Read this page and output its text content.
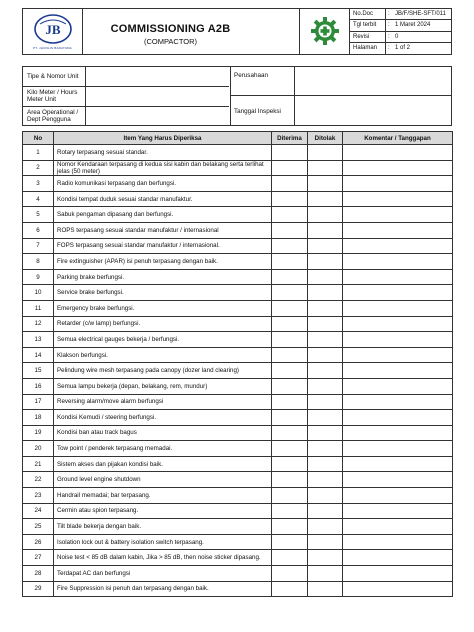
JB
PT. JHONLIN BARATAMA
COMMISSIONING A2B
(COMPACTOR)
No.Doc : JB/F/SHE-SFT/011
Tgl terbit : 1 Maret 2024
Revisi	: 0
Halaman : 1 of 2
Tipe & Nomor Unit
Kilo Meter / Hours
Meter Unit
Area Operational /
Dept Pengguna
Perusahaan
Tanggal Inspeksi
No	Item Yang Harus Diperiksa	Diterima	Ditolak	Komentar / Tanggapan
1	Rotary terpasang sesuai standar.			
2	Nomor Kendaraan terpasang di kedua sisi kabin dan belakang serta terlihat jelas (50 meter)			
3	Radio komunikasi terpasang dan berfungsi.			
4	Kondisi tempat duduk sesuai standar manufaktur.			
5	Sabuk pengaman dipasang dan berfungsi.			
6	ROPS terpasang sesuai standar manufaktur / internasional			
7	FOPS terpasang sesuai standar manufaktur / internasional.			
8	Fire extinguisher (APAR) isi penuh terpasang dengan baik.			
9	Parking brake berfungsi.			
10	Service brake berfungsi.			
11	Emergency brake berfungsi.			
12	Retarder (c/w lamp) berfungsi.			
13	Semua electrical gauges bekerja / berfungsi.			
14	Klakson berfungsi.			
15	Pelindung wire mesh terpasang pada canopy (dozer land clearing)			
16	Semua lampu bekerja (depan, belakang, rem, mundur)			
17	Reversing alarm/move alarm berfungsi			
18	Kondisi Kemudi / steering berfungsi.			
19	Kondisi ban atau track bagus			
20	Tow point / penderek terpasang memadai.			
21	Sistem akses dan pijakan kondisi baik.			
22	Ground level engine shutdown			
23	Handrail memadai; bar terpasang.			
24	Cermin atau spion terpasang.			
25	Tilt blade bekerja dengan baik.			
26	Isolation lock out & battery isolation switch terpasang.			
27	Noise test < 85 dB dalam kabin, Jika > 85 dB, then noise sticker dipasang.			
28	Terdapat AC dan berfungsi			
29	Fire Suppression isi penuh dan terpasang dengan baik.			
